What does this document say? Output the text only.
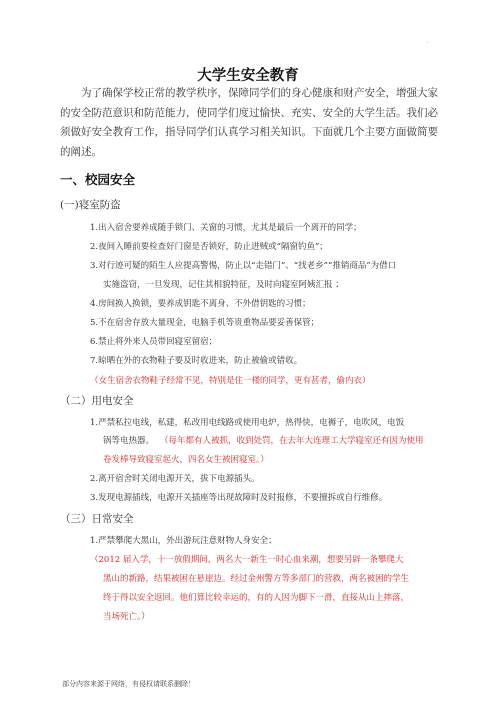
.
大学生安全教育

为了确保学校正常的教学秩序，保障同学们的身心健康和财产安全，增强大家的安全防范意识和防范能力，使同学们度过愉快、充实、安全的大学生活。我们必须做好安全教育工作，指导同学们认真学习相关知识。下面就几个主要方面做简要的阐述。

一、校园安全

(一)寝室防盗

1.出入宿舍要养成随手锁门、关窗的习惯，尤其是最后一个离开的同学；

2.夜间入睡前要检查好门窗是否锁好，防止进贼或“隔窗钓鱼”；

3.对行迹可疑的陌生人应提高警惕，防止以“走错门”、“找老乡”“推销商品”为借口

实施盗窃，一旦发现，记住其相貌特征，及时向寝室阿姨汇报 ；

4.房间换人换锁，要养成钥匙不离身、不外借钥匙的习惯；

5.不在宿舍存放大量现金，电脑手机等贵重物品要妥善保管；

6.禁止将外来人员带回寝室留宿；

7.晾晒在外的衣物鞋子要及时收进来，防止被偷或错收。

（女生宿舍衣物鞋子经常不见，特别是住一楼的同学，更有甚者，偷内衣）

（二）用电安全

1.严禁私拉电线，私建，私改用电线路或使用电炉，热得快，电褥子，电吹风，电饭

锅等电热器。 （每年都有人被抓，收到处罚，在去年大连理工大学寝室还有因为使用

卷发棒导致寝室起火，四名女生被困寝室。）

2.离开宿舍时关闭电源开关，拔下电源插头。

3.发现电源插线，电源开关插座等出现故障时及时报修，不要擅拆或自行维修。

（三）日常安全

1.严禁攀爬大黑山，外出游玩注意财物人身安全；

（2012 届入学，十一放假期间，两名大一新生一时心血来潮，想要另辟一条攀爬大

黑山的新路，结果被困在悬崖边。经过金州警方等多部门的营救，两名被困的学生

终于得以安全返回。他们算比较幸运的，有的人因为脚下一滑，直接从山上摔落，

当场死亡。）

部分内容来源于网络，有侵权请联系删除！
